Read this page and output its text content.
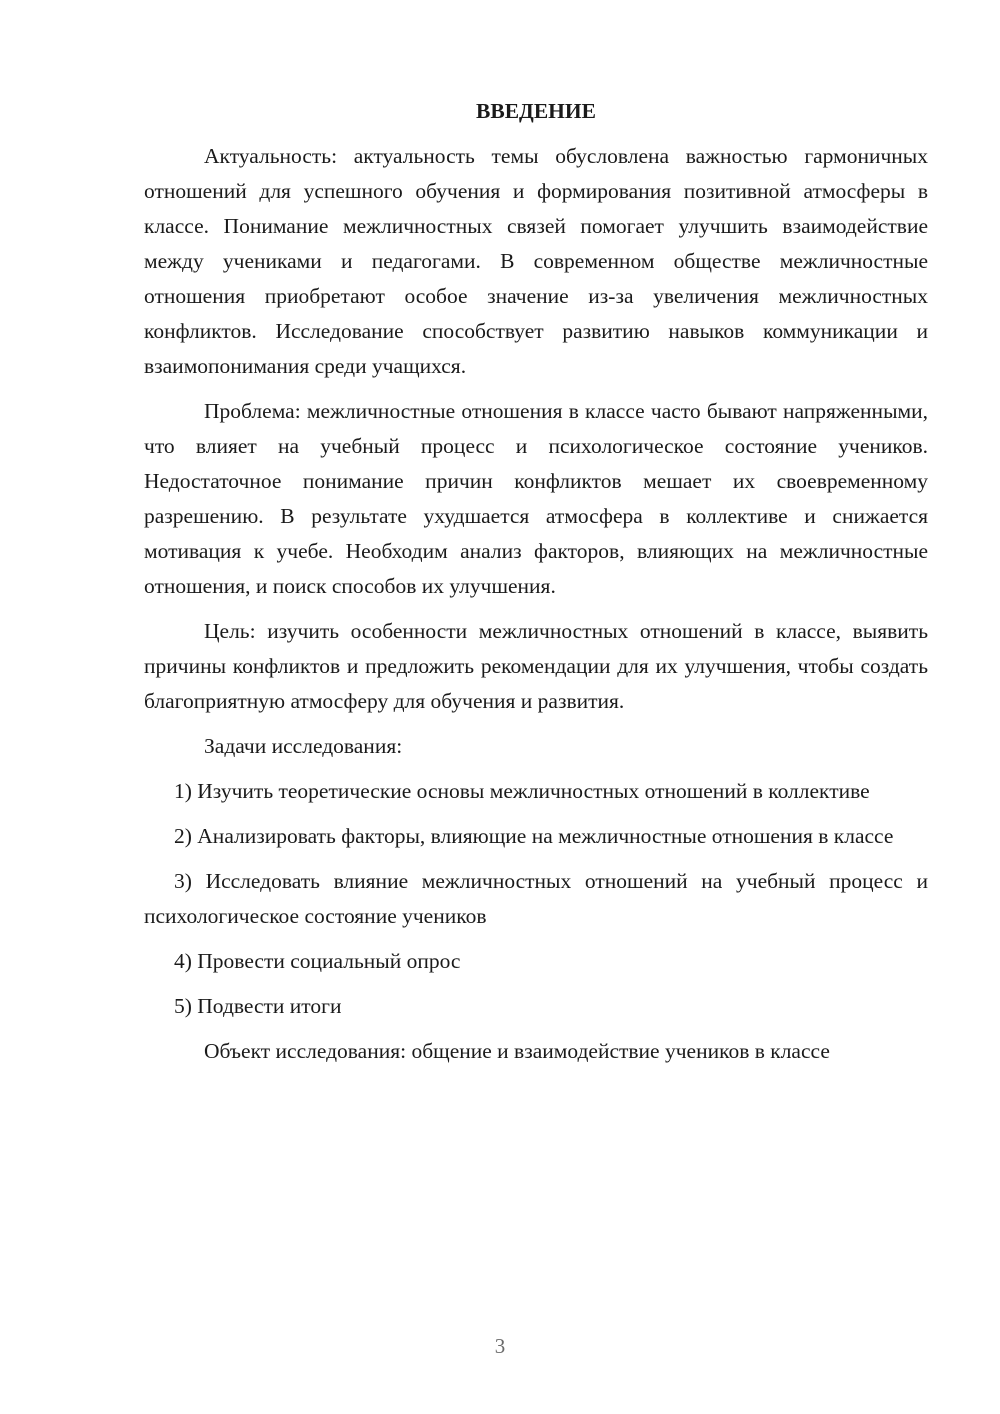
ВВЕДЕНИЕ

Актуальность: актуальность темы обусловлена важностью гармоничных отношений для успешного обучения и формирования позитивной атмосферы в классе. Понимание межличностных связей помогает улучшить взаимодействие между учениками и педагогами. В современном обществе межличностные отношения приобретают особое значение из-за увеличения межличностных конфликтов. Исследование способствует развитию навыков коммуникации и взаимопонимания среди учащихся.

Проблема: межличностные отношения в классе часто бывают напряженными, что влияет на учебный процесс и психологическое состояние учеников. Недостаточное понимание причин конфликтов мешает их своевременному разрешению. В результате ухудшается атмосфера в коллективе и снижается мотивация к учебе. Необходим анализ факторов, влияющих на межличностные отношения, и поиск способов их улучшения.

Цель: изучить особенности межличностных отношений в классе, выявить причины конфликтов и предложить рекомендации для их улучшения, чтобы создать благоприятную атмосферу для обучения и развития.

Задачи исследования:

1) Изучить теоретические основы межличностных отношений в коллективе

2) Анализировать факторы, влияющие на межличностные отношения в классе

3) Исследовать влияние межличностных отношений на учебный процесс и психологическое состояние учеников

4) Провести социальный опрос

5) Подвести итоги

Объект исследования: общение и взаимодействие учеников в классе

3
